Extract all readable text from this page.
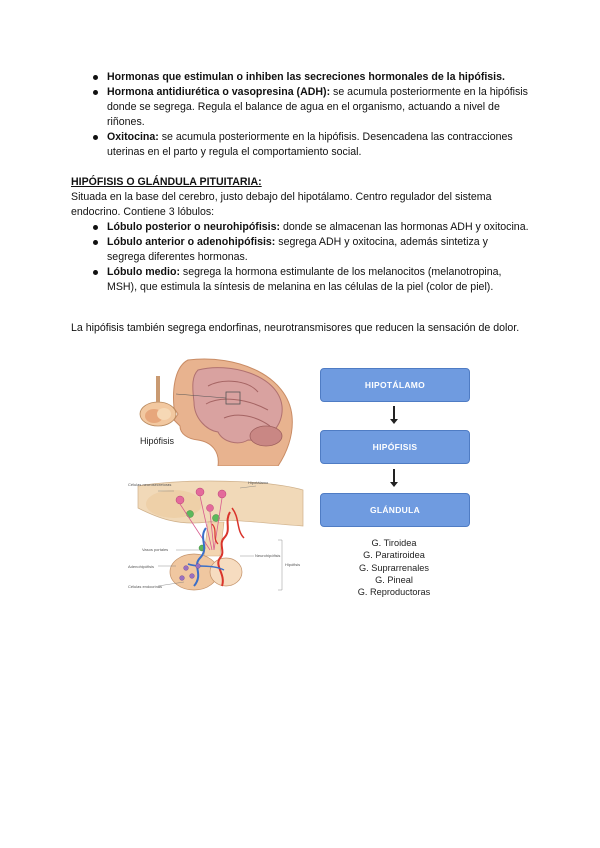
Hormonas que estimulan o inhiben las secreciones hormonales de la hipófisis.
Hormona antidiurética o vasopresina (ADH): se acumula posteriormente en la hipófisis donde se segrega. Regula el balance de agua en el organismo, actuando a nivel de riñones.
Oxitocina: se acumula posteriormente en la hipófisis. Desencadena las contracciones uterinas en el parto y regula el comportamiento social.
HIPÓFISIS O GLÁNDULA PITUITARIA:
Situada en la base del cerebro, justo debajo del hipotálamo. Centro regulador del sistema endocrino. Contiene 3 lóbulos:
Lóbulo posterior o neurohipófisis: donde se almacenan las hormonas ADH y oxitocina.
Lóbulo anterior o adenohipófisis: segrega ADH y oxitocina, además sintetiza y segrega diferentes hormonas.
Lóbulo medio: segrega la hormona estimulante de los melanocitos (melanotropina, MSH), que estimula la síntesis de melanina en las células de la piel (color de piel).
La hipófisis también segrega endorfinas, neurotransmisores que reducen la sensación de dolor.
Hipófisis
Células neurosecretoras	Hipotálamo
Vasos portales
Adenohipófisis
Células endocrinas
Neurohipófisis
Hipófisis
HIPOTÁLAMO
HIPÓFISIS
GLÁNDULA
G. Tiroidea
G. Paratiroidea
G. Suprarrenales
G. Pineal
G. Reproductoras
